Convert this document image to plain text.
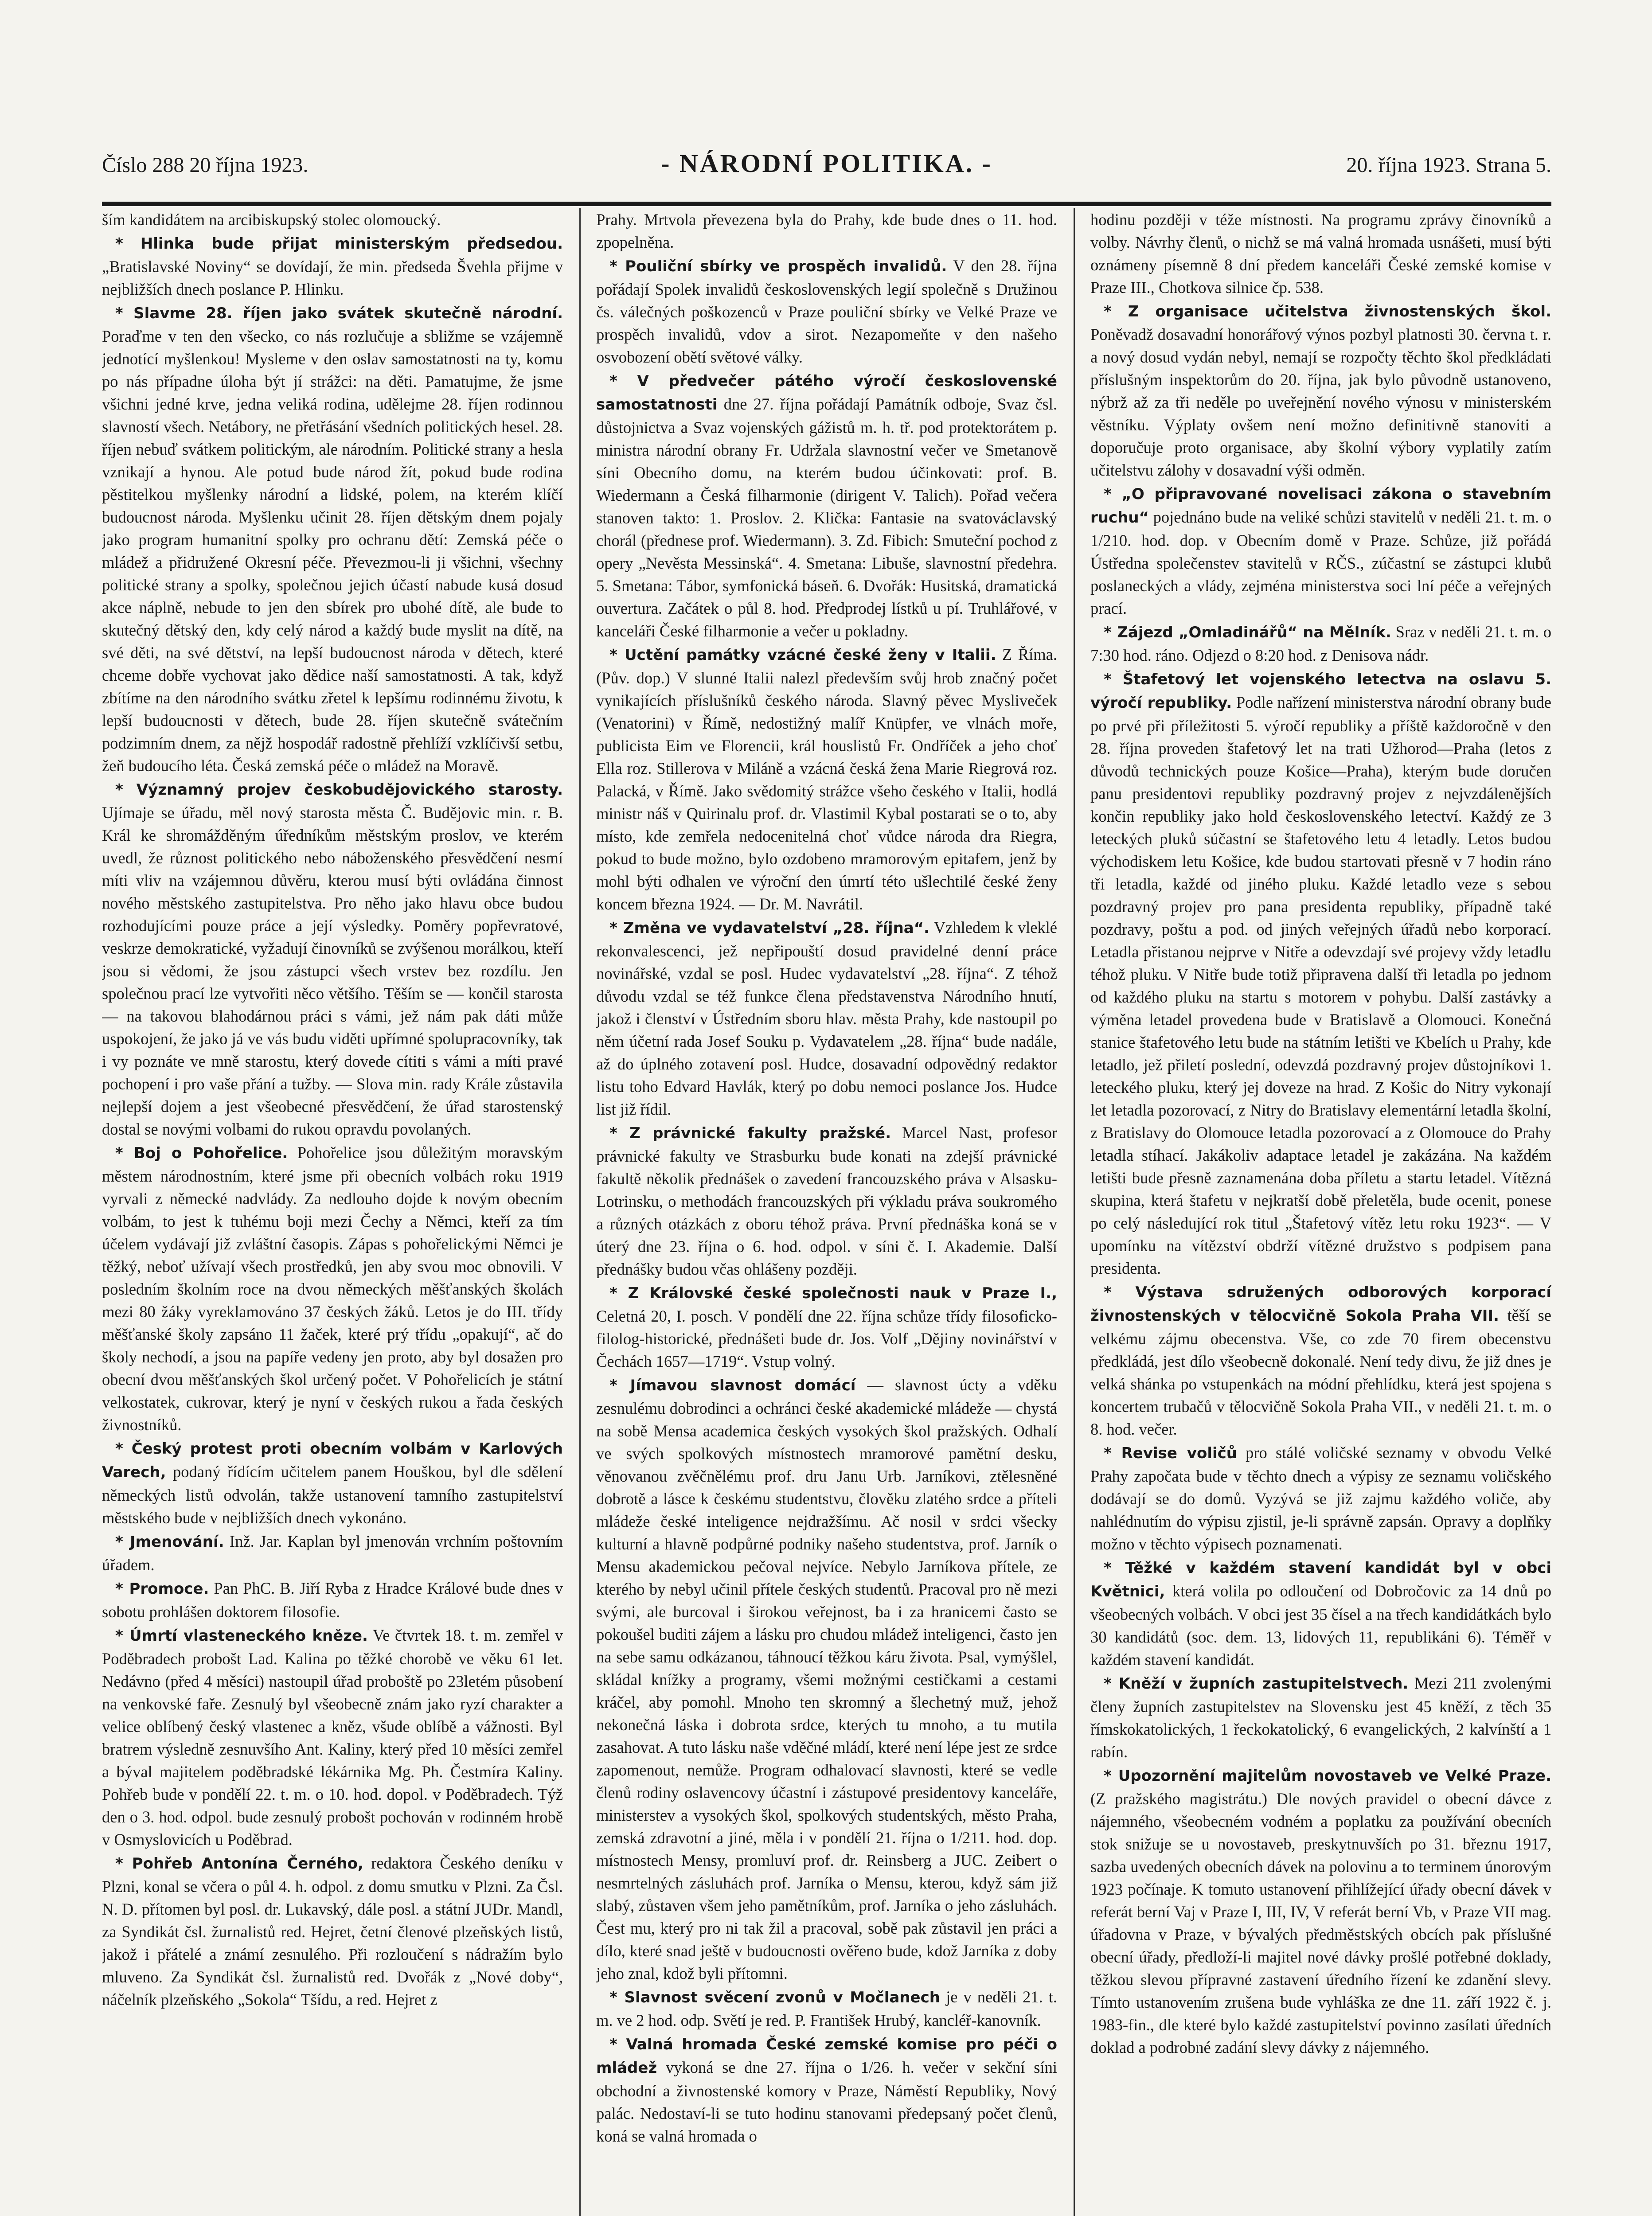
Číslo 288 20 října 1923.	- NÁRODNÍ POLITIKA. -	20. října 1923. Strana 5.

ším kandidátem na arcibiskupský stolec olomoucký.

* Hlinka bude přijat ministerským předsedou. „Bratislavské Noviny“ se dovídají, že min. předseda Švehla přijme v nejbližších dnech poslance P. Hlinku.

* Slavme 28. říjen jako svátek skutečně národní. Poraďme v ten den všecko, co nás rozlučuje a sbližme se vzájemně jednotící myšlenkou! Mysleme v den oslav samostatnosti na ty, komu po nás případne úloha být jí strážci: na děti. Pamatujme, že jsme všichni jedné krve, jedna veliká rodina, udělejme 28. říjen rodinnou slavností všech. Netábory, ne přetřásání všedních politických hesel. 28. říjen nebuď svátkem politickým, ale národním. Politické strany a hesla vznikají a hynou. Ale potud bude národ žít, pokud bude rodina pěstitelkou myšlenky národní a lidské, polem, na kterém klíčí budoucnost národa. Myšlenku učinit 28. říjen dětským dnem pojaly jako program humanitní spolky pro ochranu dětí: Zemská péče o mládež a přidružené Okresní péče. Převezmou-li ji všichni, všechny politické strany a spolky, společnou jejich účastí nabude kusá dosud akce náplně, nebude to jen den sbírek pro ubohé dítě, ale bude to skutečný dětský den, kdy celý národ a každý bude myslit na dítě, na své děti, na své dětství, na lepší budoucnost národa v dětech, které chceme dobře vychovat jako dědice naší samostatnosti. A tak, když zbítíme na den národního svátku zřetel k lepšímu rodinnému životu, k lepší budoucnosti v dětech, bude 28. říjen skutečně svátečním podzimním dnem, za nějž hospodář radostně přehlíží vzklíčivší setbu, žeň budoucího léta. Česká zemská péče o mládež na Moravě.

* Významný projev českobudějovického starosty. Ujímaje se úřadu, měl nový starosta města Č. Budějovic min. r. B. Král ke shromážděným úředníkům městským proslov, ve kterém uvedl, že různost politického nebo náboženského přesvědčení nesmí míti vliv na vzájemnou důvěru, kterou musí býti ovládána činnost nového městského zastupitelstva. Pro něho jako hlavu obce budou rozhodujícími pouze práce a její výsledky. Poměry popřevratové, veskrze demokratické, vyžadují činovníků se zvýšenou morálkou, kteří jsou si vědomi, že jsou zástupci všech vrstev bez rozdílu. Jen společnou prací lze vytvořiti něco většího. Těším se — končil starosta — na takovou blahodárnou práci s vámi, jež nám pak dáti může uspokojení, že jako já ve vás budu viděti upřímné spolupracovníky, tak i vy poznáte ve mně starostu, který dovede cítiti s vámi a míti pravé pochopení i pro vaše přání a tužby. — Slova min. rady Krále zůstavila nejlepší dojem a jest všeobecné přesvědčení, že úřad starostenský dostal se novými volbami do rukou opravdu povolaných.

* Boj o Pohořelice. Pohořelice jsou důležitým moravským městem národnostním, které jsme při obecních volbách roku 1919 vyrvali z německé nadvlády. Za nedlouho dojde k novým obecním volbám, to jest k tuhému boji mezi Čechy a Němci, kteří za tím účelem vydávají již zvláštní časopis. Zápas s pohořelickými Němci je těžký, neboť užívají všech prostředků, jen aby svou moc obnovili. V posledním školním roce na dvou německých měšťanských školách mezi 80 žáky vyreklamováno 37 českých žáků. Letos je do III. třídy měšťanské školy zapsáno 11 žaček, které prý třídu „opakují“, ač do školy nechodí, a jsou na papíře vedeny jen proto, aby byl dosažen pro obecní dvou měšťanských škol určený počet. V Pohořelicích je státní velkostatek, cukrovar, který je nyní v českých rukou a řada českých živnostníků.

* Český protest proti obecním volbám v Karlových Varech, podaný řídícím učitelem panem Houškou, byl dle sdělení německých listů odvolán, takže ustanovení tamního zastupitelství městského bude v nejbližších dnech vykonáno.

* Jmenování. Inž. Jar. Kaplan byl jmenován vrchním poštovním úřadem.

* Promoce. Pan PhC. B. Jiří Ryba z Hradce Králové bude dnes v sobotu prohlášen doktorem filosofie.

* Úmrtí vlasteneckého kněze. Ve čtvrtek 18. t. m. zemřel v Poděbradech probošt Lad. Kalina po těžké chorobě ve věku 61 let. Nedávno (před 4 měsíci) nastoupil úřad proboště po 23letém působení na venkovské faře. Zesnulý byl všeobecně znám jako ryzí charakter a velice oblíbený český vlastenec a kněz, všude oblíbě a vážnosti. Byl bratrem výsledně zesnuvšího Ant. Kaliny, který před 10 měsíci zemřel a býval majitelem poděbradské lékárnika Mg. Ph. Čestmíra Kaliny. Pohřeb bude v pondělí 22. t. m. o 10. hod. dopol. v Poděbradech. Týž den o 3. hod. odpol. bude zesnulý probošt pochován v rodinném hrobě v Osmyslovicích u Poděbrad.

* Pohřeb Antonína Černého, redaktora Českého deníku v Plzni, konal se včera o půl 4. h. odpol. z domu smutku v Plzni. Za Čsl. N. D. přítomen byl posl. dr. Lukavský, dále posl. a státní JUDr. Mandl, za Syndikát čsl. žurnalistů red. Hejret, četní členové plzeňských listů, jakož i přátelé a známí zesnulého. Při rozloučení s nádražím bylo mluveno. Za Syndikát čsl. žurnalistů red. Dvořák z „Nové doby“, náčelník plzeňského „Sokola“ Tšídu, a red. Hejret z

Prahy. Mrtvola převezena byla do Prahy, kde bude dnes o 11. hod. zpopelněna.

* Pouliční sbírky ve prospěch invalidů. V den 28. října pořádají Spolek invalidů československých legií společně s Družinou čs. válečných poškozenců v Praze pouliční sbírky ve Velké Praze ve prospěch invalidů, vdov a sirot. Nezapomeňte v den našeho osvobození obětí světové války.

* V předvečer pátého výročí československé samostatnosti dne 27. října pořádají Památník odboje, Svaz čsl. důstojnictva a Svaz vojenských gážistů m. h. tř. pod protektorátem p. ministra národní obrany Fr. Udržala slavnostní večer ve Smetanově síni Obecního domu, na kterém budou účinkovati: prof. B. Wiedermann a Česká filharmonie (dirigent V. Talich). Pořad večera stanoven takto: 1. Proslov. 2. Klička: Fantasie na svatováclavský chorál (přednese prof. Wiedermann). 3. Zd. Fibich: Smuteční pochod z opery „Nevěsta Messinská“. 4. Smetana: Libuše, slavnostní předehra. 5. Smetana: Tábor, symfonická báseň. 6. Dvořák: Husitská, dramatická ouvertura. Začátek o půl 8. hod. Předprodej lístků u pí. Truhlářové, v kanceláři České filharmonie a večer u pokladny.

* Uctění památky vzácné české ženy v Italii. Z Říma. (Pův. dop.) V slunné Italii nalezl především svůj hrob značný počet vynikajících příslušníků českého národa. Slavný pěvec Mysliveček (Venatorini) v Římě, nedostižný malíř Knüpfer, ve vlnách moře, publicista Eim ve Florencii, král houslistů Fr. Ondříček a jeho choť Ella roz. Stillerova v Miláně a vzácná česká žena Marie Riegrová roz. Palacká, v Římě. Jako svědomitý strážce všeho českého v Italii, hodlá ministr náš v Quirinalu prof. dr. Vlastimil Kybal postarati se o to, aby místo, kde zemřela nedocenitelná choť vůdce národa dra Riegra, pokud to bude možno, bylo ozdobeno mramorovým epitafem, jenž by mohl býti odhalen ve výroční den úmrtí této ušlechtilé české ženy koncem března 1924. — Dr. M. Navrátil.

* Změna ve vydavatelství „28. října“. Vzhledem k vleklé rekonvalescenci, jež nepřipouští dosud pravidelné denní práce novinářské, vzdal se posl. Hudec vydavatelství „28. října“. Z téhož důvodu vzdal se též funkce člena představenstva Národního hnutí, jakož i členství v Ústředním sboru hlav. města Prahy, kde nastoupil po něm účetní rada Josef Souku p. Vydavatelem „28. října“ bude nadále, až do úplného zotavení posl. Hudce, dosavadní odpovědný redaktor listu toho Edvard Havlák, který po dobu nemoci poslance Jos. Hudce list již řídil.

* Z právnické fakulty pražské. Marcel Nast, profesor právnické fakulty ve Strasburku bude konati na zdejší právnické fakultě několik přednášek o zavedení francouzského práva v Alsasku-Lotrinsku, o methodách francouzských při výkladu práva soukromého a různých otázkách z oboru téhož práva. První přednáška koná se v úterý dne 23. října o 6. hod. odpol. v síni č. I. Akademie. Další přednášky budou včas ohlášeny později.

* Z Královské české společnosti nauk v Praze I., Celetná 20, I. posch. V pondělí dne 22. října schůze třídy filosoficko-filolog-historické, přednášeti bude dr. Jos. Volf „Dějiny novinářství v Čechách 1657—1719“. Vstup volný.

* Jímavou slavnost domácí — slavnost úcty a vděku zesnulému dobrodinci a ochránci české akademické mládeže — chystá na sobě Mensa academica českých vysokých škol pražských. Odhalí ve svých spolkových místnostech mramorové pamětní desku, věnovanou zvěčnělému prof. dru Janu Urb. Jarníkovi, ztělesněné dobrotě a lásce k českému studentstvu, člověku zlatého srdce a příteli mládeže české inteligence nejdražšímu. Ač nosil v srdci všecky kulturní a hlavně podpůrné podniky našeho studentstva, prof. Jarník o Mensu akademickou pečoval nejvíce. Nebylo Jarníkova přítele, ze kterého by nebyl učinil přítele českých studentů. Pracoval pro ně mezi svými, ale burcoval i širokou veřejnost, ba i za hranicemi často se pokoušel buditi zájem a lásku pro chudou mládež inteligenci, často jen na sebe samu odkázanou, táhnoucí těžkou káru života. Psal, vymýšlel, skládal knížky a programy, všemi možnými cestičkami a cestami kráčel, aby pomohl. Mnoho ten skromný a šlechetný muž, jehož nekonečná láska i dobrota srdce, kterých tu mnoho, a tu mutila zasahovat. A tuto lásku naše vděčné mládí, které není lépe jest ze srdce zapomenout, nemůže. Program odhalovací slavnosti, které se vedle členů rodiny oslavencovy účastní i zástupové presidentovy kanceláře, ministerstev a vysokých škol, spolkových studentských, město Praha, zemská zdravotní a jiné, měla i v pondělí 21. října o 1/211. hod. dop. místnostech Mensy, promluví prof. dr. Reinsberg a JUC. Zeibert o nesmrtelných zásluhách prof. Jarníka o Mensu, kterou, když sám již slabý, zůstaven všem jeho pamětníkům, prof. Jarníka o jeho zásluhách. Čest mu, který pro ni tak žil a pracoval, sobě pak zůstavil jen práci a dílo, které snad ještě v budoucnosti ověřeno bude, kdož Jarníka z doby jeho znal, kdož byli přítomni.

* Slavnost svěcení zvonů v Močlanech je v neděli 21. t. m. ve 2 hod. odp. Světí je red. P. František Hrubý, kancléř-kanovník.

* Valná hromada České zemské komise pro péči o mládež vykoná se dne 27. října o 1/26. h. večer v sekční síni obchodní a živnostenské komory v Praze, Náměstí Republiky, Nový palác. Nedostaví-li se tuto hodinu stanovami předepsaný počet členů, koná se valná hromada o

hodinu později v téže místnosti. Na programu zprávy činovníků a volby. Návrhy členů, o nichž se má valná hromada usnášeti, musí býti oznámeny písemně 8 dní předem kanceláři České zemské komise v Praze III., Chotkova silnice čp. 538.

* Z organisace učitelstva živnostenských škol. Poněvadž dosavadní honorářový výnos pozbyl platnosti 30. června t. r. a nový dosud vydán nebyl, nemají se rozpočty těchto škol předkládati příslušným inspektorům do 20. října, jak bylo původně ustanoveno, nýbrž až za tři neděle po uveřejnění nového výnosu v ministerském věstníku. Výplaty ovšem není možno definitivně stanoviti a doporučuje proto organisace, aby školní výbory vyplatily zatím učitelstvu zálohy v dosavadní výši odměn.

* „O připravované novelisaci zákona o stavebním ruchu“ pojednáno bude na veliké schůzi stavitelů v neděli 21. t. m. o 1/210. hod. dop. v Obecním domě v Praze. Schůze, již pořádá Ústředna společenstev stavitelů v RČS., zúčastní se zástupci klubů poslaneckých a vlády, zejména ministerstva soci lní péče a veřejných prací.

* Zájezd „Omladinářů“ na Mělník. Sraz v neděli 21. t. m. o 7:30 hod. ráno. Odjezd o 8:20 hod. z Denisova nádr.

* Štafetový let vojenského letectva na oslavu 5. výročí republiky. Podle nařízení ministerstva národní obrany bude po prvé při příležitosti 5. výročí republiky a příště každoročně v den 28. října proveden štafetový let na trati Užhorod—Praha (letos z důvodů technických pouze Košice—Praha), kterým bude doručen panu presidentovi republiky pozdravný projev z nejvzdálenějších končin republiky jako hold československého letectví. Každý ze 3 leteckých pluků súčastní se štafetového letu 4 letadly. Letos budou východiskem letu Košice, kde budou startovati přesně v 7 hodin ráno tři letadla, každé od jiného pluku. Každé letadlo veze s sebou pozdravný projev pro pana presidenta republiky, případně také pozdravy, poštu a pod. od jiných veřejných úřadů nebo korporací. Letadla přistanou nejprve v Nitře a odevzdají své projevy vždy letadlu téhož pluku. V Nitře bude totiž připravena další tři letadla po jednom od každého pluku na startu s motorem v pohybu. Další zastávky a výměna letadel provedena bude v Bratislavě a Olomouci. Konečná stanice štafetového letu bude na státním letišti ve Kbelích u Prahy, kde letadlo, jež přiletí poslední, odevzdá pozdravný projev důstojníkovi 1. leteckého pluku, který jej doveze na hrad. Z Košic do Nitry vykonají let letadla pozorovací, z Nitry do Bratislavy elementární letadla školní, z Bratislavy do Olomouce letadla pozorovací a z Olomouce do Prahy letadla stíhací. Jakákoliv adaptace letadel je zakázána. Na každém letišti bude přesně zaznamenána doba příletu a startu letadel. Vítězná skupina, která štafetu v nejkratší době přeletěla, bude ocenit, ponese po celý následující rok titul „Štafetový vítěz letu roku 1923“. — V upomínku na vítězství obdrží vítězné družstvo s podpisem pana presidenta.

* Výstava sdružených odborových korporací živnostenských v tělocvičně Sokola Praha VII. těší se velkému zájmu obecenstva. Vše, co zde 70 firem obecenstvu předkládá, jest dílo všeobecně dokonalé. Není tedy divu, že již dnes je velká shánka po vstupenkách na módní přehlídku, která jest spojena s koncertem trubačů v tělocvičně Sokola Praha VII., v neděli 21. t. m. o 8. hod. večer.

* Revise voličů pro stálé voličské seznamy v obvodu Velké Prahy započata bude v těchto dnech a výpisy ze seznamu voličského dodávají se do domů. Vyzývá se již zajmu každého voliče, aby nahlédnutím do výpisu zjistil, je-li správně zapsán. Opravy a doplňky možno v těchto výpisech poznamenati.

* Těžké v každém stavení kandidát byl v obci Květnici, která volila po odloučení od Dobročovic za 14 dnů po všeobecných volbách. V obci jest 35 čísel a na třech kandidátkách bylo 30 kandidátů (soc. dem. 13, lidových 11, republikáni 6). Téměř v každém stavení kandidát.

* Kněží v župních zastupitelstvech. Mezi 211 zvolenými členy župních zastupitelstev na Slovensku jest 45 kněží, z těch 35 římskokatolických, 1 řeckokatolický, 6 evangelických, 2 kalvínští a 1 rabín.

* Upozornění majitelům novostaveb ve Velké Praze. (Z pražského magistrátu.) Dle nových pravidel o obecní dávce z nájemného, všeobecném vodném a poplatku za používání obecních stok snižuje se u novostaveb, preskytnuvších po 31. březnu 1917, sazba uvedených obecních dávek na polovinu a to terminem únorovým 1923 počínaje. K tomuto ustanovení přihlížející úřady obecní dávek v referát berní Vaj v Praze I, III, IV, V referát berní Vb, v Praze VII mag. úřadovna v Praze, v bývalých předměstských obcích pak příslušné obecní úřady, předloží-li majitel nové dávky prošlé potřebné doklady, těžkou slevou přípravné zastavení úředního řízení ke zdanění slevy. Tímto ustanovením zrušena bude vyhláška ze dne 11. září 1922 č. j. 1983-fin., dle které bylo každé zastupitelství povinno zasílati úředních doklad a podrobné zadání slevy dávky z nájemného.
